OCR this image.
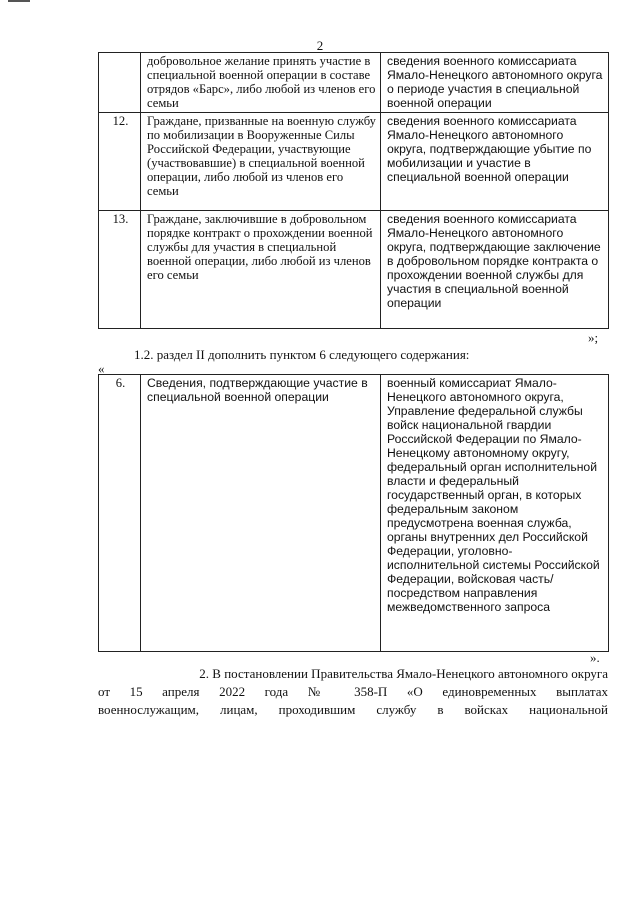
2
	добровольное желание принять участие в специальной военной операции в составе отрядов «Барс», либо любой из членов его семьи	сведения военного комиссариата Ямало-Ненецкого автономного округа о периоде участия в специальной военной операции
12.	Граждане, призванные на военную службу по мобилизации в Вооруженные Силы Российской Федерации, участвующие (участвовавшие) в специальной военной операции, либо любой из членов его семьи	сведения военного комиссариата Ямало-Ненецкого автономного округа, подтверждающие убытие по мобилизации и участие в специальной военной операции
13.	Граждане, заключившие в добровольном порядке контракт о прохождении военной службы для участия в специальной военной операции, либо любой из членов его семьи	сведения военного комиссариата Ямало-Ненецкого автономного округа, подтверждающие заключение в добровольном порядке контракта о прохождении военной службы для участия в специальной военной операции
»;

1.2. раздел II дополнить пунктом 6 следующего содержания:

«
6.	Сведения, подтверждающие участие в специальной военной операции	военный комиссариат Ямало-Ненецкого автономного округа, Управление федеральной службы войск национальной гвардии Российской Федерации по Ямало-Ненецкому автономному округу, федеральный орган исполнительной власти и федеральный государственный орган, в которых федеральным законом предусмотрена военная служба, органы внутренних дел Российской Федерации, уголовно-исполнительной системы Российской Федерации, войсковая часть/посредством направления межведомственного запроса
».

2. В постановлении Правительства Ямало-Ненецкого автономного округа

от 15 апреля 2022 года № 358-П «О единовременных выплатах

военнослужащим, лицам, проходившим службу в войсках национальной
